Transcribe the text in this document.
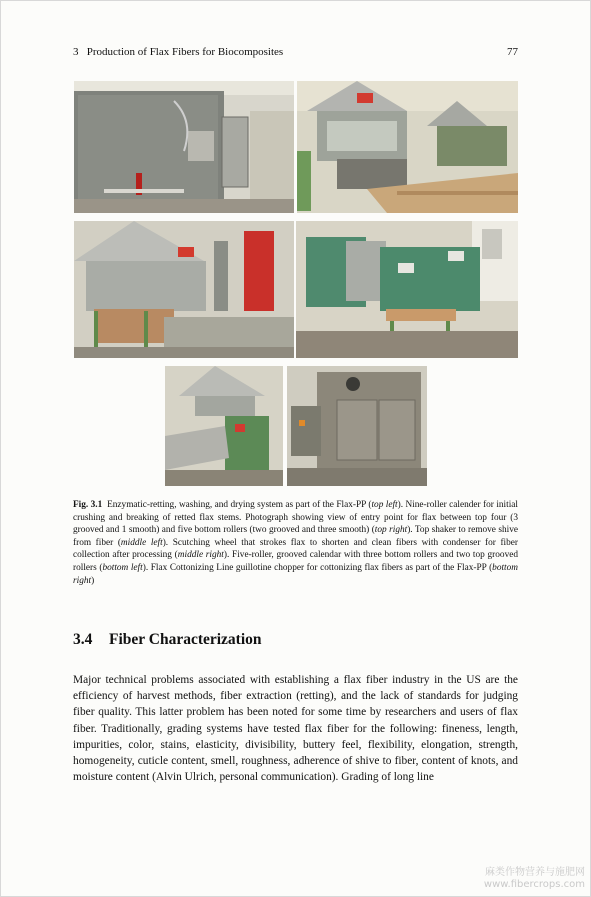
3   Production of Flax Fibers for Biocomposites	77
Fig. 3.1 Enzymatic-retting, washing, and drying system as part of the Flax-PP (top left). Nine-roller calender for initial crushing and breaking of retted flax stems. Photograph showing view of entry point for flax between top four (3 grooved and 1 smooth) and five bottom rollers (two grooved and three smooth) (top right). Top shaker to remove shive from fiber (middle left). Scutching wheel that strokes flax to shorten and clean fibers with condenser for fiber collection after processing (middle right). Five-roller, grooved calendar with three bottom rollers and two top grooved rollers (bottom left). Flax Cottonizing Line guillotine chopper for cottonizing flax fibers as part of the Flax-PP (bottom right)
3.4 Fiber Characterization
Major technical problems associated with establishing a flax fiber industry in the US are the efficiency of harvest methods, fiber extraction (retting), and the lack of standards for judging fiber quality. This latter problem has been noted for some time by researchers and users of flax fiber. Traditionally, grading systems have tested flax fiber for the following: fineness, length, impurities, color, stains, elasticity, divisibility, buttery feel, flexibility, elongation, strength, homogeneity, cuticle content, smell, roughness, adherence of shive to fiber, content of knots, and moisture content (Alvin Ulrich, personal communication). Grading of long line
麻类作物营养与施肥网
www.fibercrops.com
